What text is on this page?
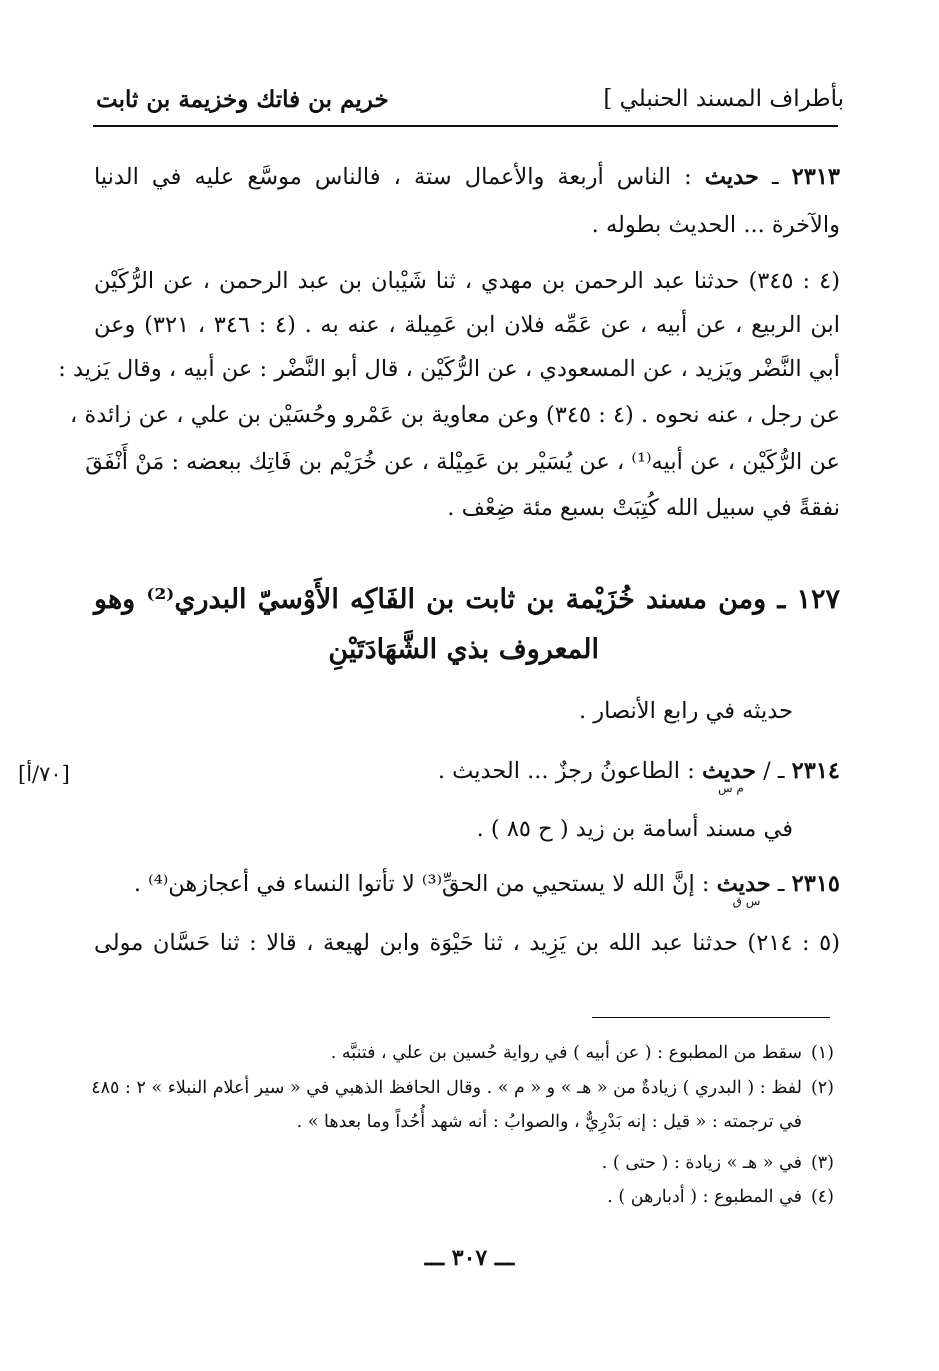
بأطراف المسند الحنبلي ]
خريم بن فاتك وخزيمة بن ثابت
٢٣١٣ ـ حديث : الناس أربعة والأعمال ستة ، فالناس موسَّع عليه في الدنيا
والآخرة ... الحديث بطوله .
(٤ : ٣٤٥) حدثنا عبد الرحمن بن مهدي ، ثنا شَيْبان بن عبد الرحمن ، عن الرُّكَيْن
ابن الربيع ، عن أبيه ، عن عَمِّه فلان ابن عَمِيلة ، عنه به . (٤ : ٣٤٦ ، ٣٢١) وعن
أبي النَّضْر ويَزيد ، عن المسعودي ، عن الرُّكَيْن ، قال أبو النَّضْر : عن أبيه ، وقال يَزيد :
عن رجل ، عنه نحوه . (٤ : ٣٤٥) وعن معاوية بن عَمْرو وحُسَيْن بن علي ، عن زائدة ،
عن الرُّكَيْن ، عن أبيه⁽¹⁾ ، عن يُسَيْر بن عَمِيْلة ، عن خُرَيْم بن فَاتِك ببعضه : مَنْ أَنْفَقَ
نفقةً في سبيل الله كُتِبَتْ بسبع مئة ضِعْف .
١٢٧ ـ ومن مسند خُزَيْمة بن ثابت بن الفَاكِه الأَوْسيّ البدري⁽²⁾ وهو
المعروف بذي الشَّهَادَتَيْنِ
حديثه في رابع الأنصار .
[٧٠/أ]	٢٣١٤ ـ / حديث
م س
: الطاعونُ رجزٌ ... الحديث .
في مسند أسامة بن زيد ( ح ٨٥ ) .
٢٣١٥ ـ حديث
س ق
: إنَّ الله لا يستحيي من الحقِّ⁽³⁾ لا تأتوا النساء في أعجازهن⁽⁴⁾ .
(٥ : ٢١٤) حدثنا عبد الله بن يَزِيد ، ثنا حَيْوَة وابن لهيعة ، قالا : ثنا حَسَّان مولى
(١)سقط من المطبوع : ( عن أبيه ) في رواية حُسين بن علي ، فتنبَّه .
(٢)لفظ : ( البدري ) زيادةٌ من « هـ » و « م » . وقال الحافظ الذهبي في « سير أعلام النبلاء » ٢ : ٤٨٥
في ترجمته : « قيل : إنه بَدْرِيٌّ ، والصوابُ : أنه شهد أُحُداً وما بعدها » .
(٣)في « هـ » زيادة : ( حتى ) .
(٤)في المطبوع : ( أدبارهن ) .
ـــ ٣٠٧ ـــ
